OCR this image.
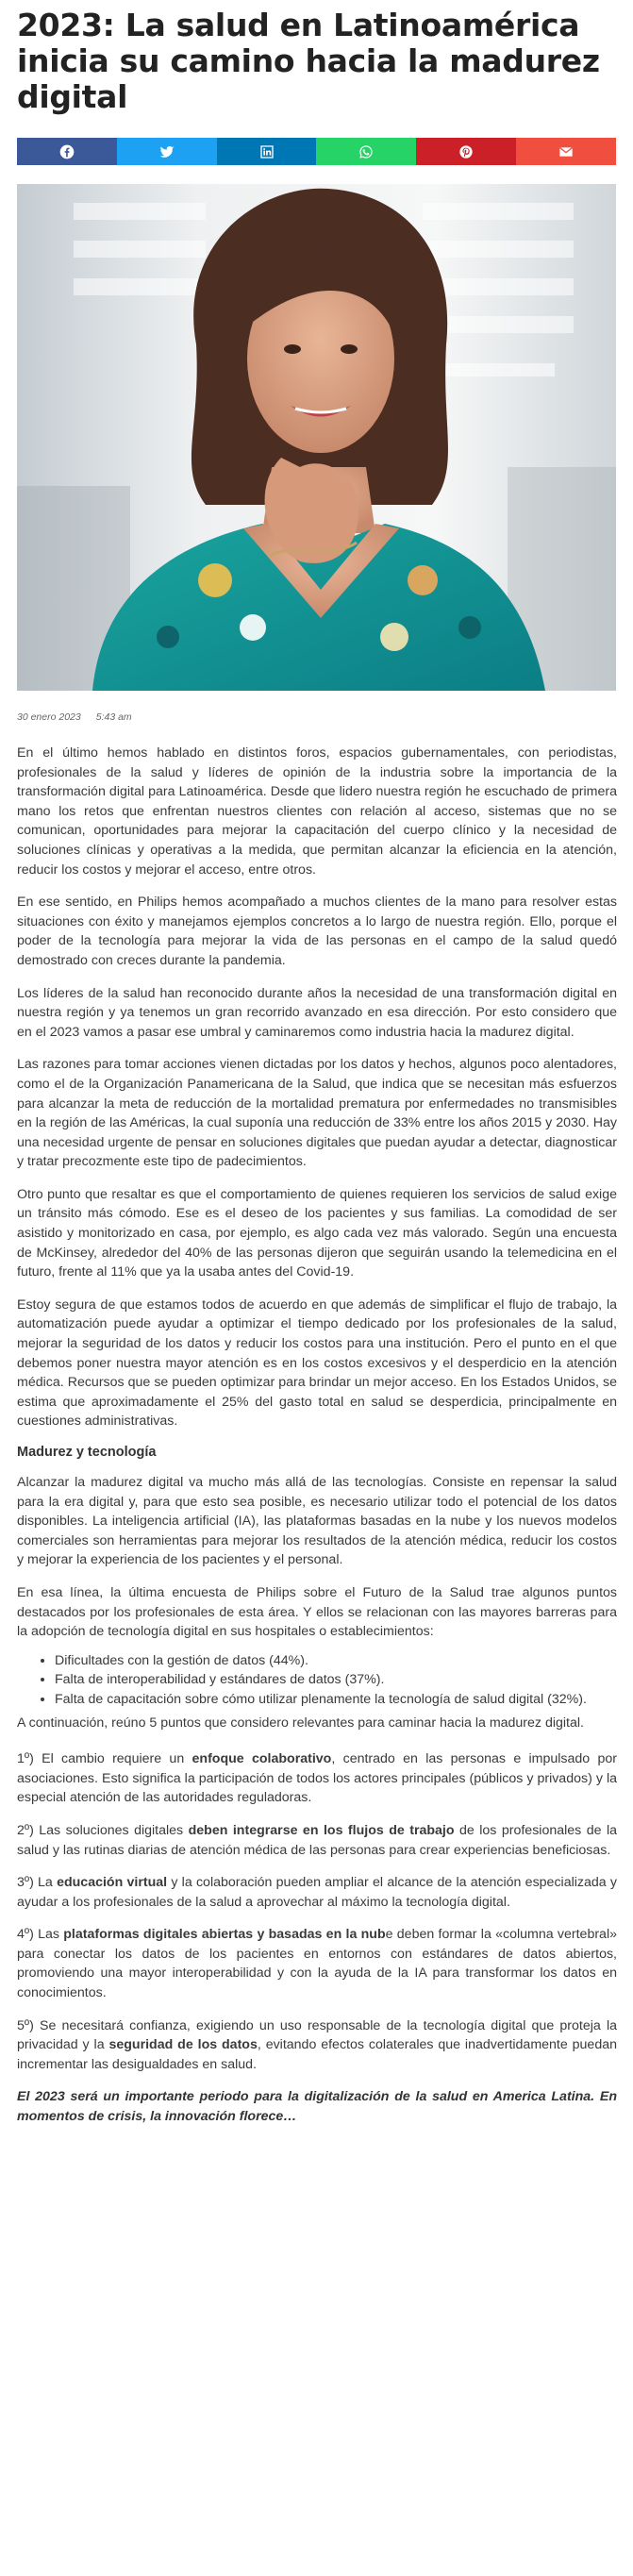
2023: La salud en Latinoamérica inicia su camino hacia la madurez digital
30 enero 2023 5:43 am

En el último hemos hablado en distintos foros, espacios gubernamentales, con periodistas, profesionales de la salud y líderes de opinión de la industria sobre la importancia de la transformación digital para Latinoamérica. Desde que lidero nuestra región he escuchado de primera mano los retos que enfrentan nuestros clientes con relación al acceso, sistemas que no se comunican, oportunidades para mejorar la capacitación del cuerpo clínico y la necesidad de soluciones clínicas y operativas a la medida, que permitan alcanzar la eficiencia en la atención, reducir los costos y mejorar el acceso, entre otros.

En ese sentido, en Philips hemos acompañado a muchos clientes de la mano para resolver estas situaciones con éxito y manejamos ejemplos concretos a lo largo de nuestra región. Ello, porque el poder de la tecnología para mejorar la vida de las personas en el campo de la salud quedó demostrado con creces durante la pandemia.

Los líderes de la salud han reconocido durante años la necesidad de una transformación digital en nuestra región y ya tenemos un gran recorrido avanzado en esa dirección. Por esto considero que en el 2023 vamos a pasar ese umbral y caminaremos como industria hacia la madurez digital.

Las razones para tomar acciones vienen dictadas por los datos y hechos, algunos poco alentadores, como el de la Organización Panamericana de la Salud, que indica que se necesitan más esfuerzos para alcanzar la meta de reducción de la mortalidad prematura por enfermedades no transmisibles en la región de las Américas, la cual suponía una reducción de 33% entre los años 2015 y 2030. Hay una necesidad urgente de pensar en soluciones digitales que puedan ayudar a detectar, diagnosticar y tratar precozmente este tipo de padecimientos.

Otro punto que resaltar es que el comportamiento de quienes requieren los servicios de salud exige un tránsito más cómodo. Ese es el deseo de los pacientes y sus familias. La comodidad de ser asistido y monitorizado en casa, por ejemplo, es algo cada vez más valorado. Según una encuesta de McKinsey, alrededor del 40% de las personas dijeron que seguirán usando la telemedicina en el futuro, frente al 11% que ya la usaba antes del Covid-19.

Estoy segura de que estamos todos de acuerdo en que además de simplificar el flujo de trabajo, la automatización puede ayudar a optimizar el tiempo dedicado por los profesionales de la salud, mejorar la seguridad de los datos y reducir los costos para una institución. Pero el punto en el que debemos poner nuestra mayor atención es en los costos excesivos y el desperdicio en la atención médica. Recursos que se pueden optimizar para brindar un mejor acceso. En los Estados Unidos, se estima que aproximadamente el 25% del gasto total en salud se desperdicia, principalmente en cuestiones administrativas.

Madurez y tecnología

Alcanzar la madurez digital va mucho más allá de las tecnologías. Consiste en repensar la salud para la era digital y, para que esto sea posible, es necesario utilizar todo el potencial de los datos disponibles. La inteligencia artificial (IA), las plataformas basadas en la nube y los nuevos modelos comerciales son herramientas para mejorar los resultados de la atención médica, reducir los costos y mejorar la experiencia de los pacientes y el personal.

En esa línea, la última encuesta de Philips sobre el Futuro de la Salud trae algunos puntos destacados por los profesionales de esta área. Y ellos se relacionan con las mayores barreras para la adopción de tecnología digital en sus hospitales o establecimientos:

• Dificultades con la gestión de datos (44%).
• Falta de interoperabilidad y estándares de datos (37%).
• Falta de capacitación sobre cómo utilizar plenamente la tecnología de salud digital (32%).

A continuación, reúno 5 puntos que considero relevantes para caminar hacia la madurez digital.

1º) El cambio requiere un enfoque colaborativo, centrado en las personas e impulsado por asociaciones. Esto significa la participación de todos los actores principales (públicos y privados) y la especial atención de las autoridades reguladoras.

2º) Las soluciones digitales deben integrarse en los flujos de trabajo de los profesionales de la salud y las rutinas diarias de atención médica de las personas para crear experiencias beneficiosas.

3º) La educación virtual y la colaboración pueden ampliar el alcance de la atención especializada y ayudar a los profesionales de la salud a aprovechar al máximo la tecnología digital.

4º) Las plataformas digitales abiertas y basadas en la nube deben formar la «columna vertebral» para conectar los datos de los pacientes en entornos con estándares de datos abiertos, promoviendo una mayor interoperabilidad y con la ayuda de la IA para transformar los datos en conocimientos.

5º) Se necesitará confianza, exigiendo un uso responsable de la tecnología digital que proteja la privacidad y la seguridad de los datos, evitando efectos colaterales que inadvertidamente puedan incrementar las desigualdades en salud.

El 2023 será un importante periodo para la digitalización de la salud en America Latina. En momentos de crisis, la innovación florece…
